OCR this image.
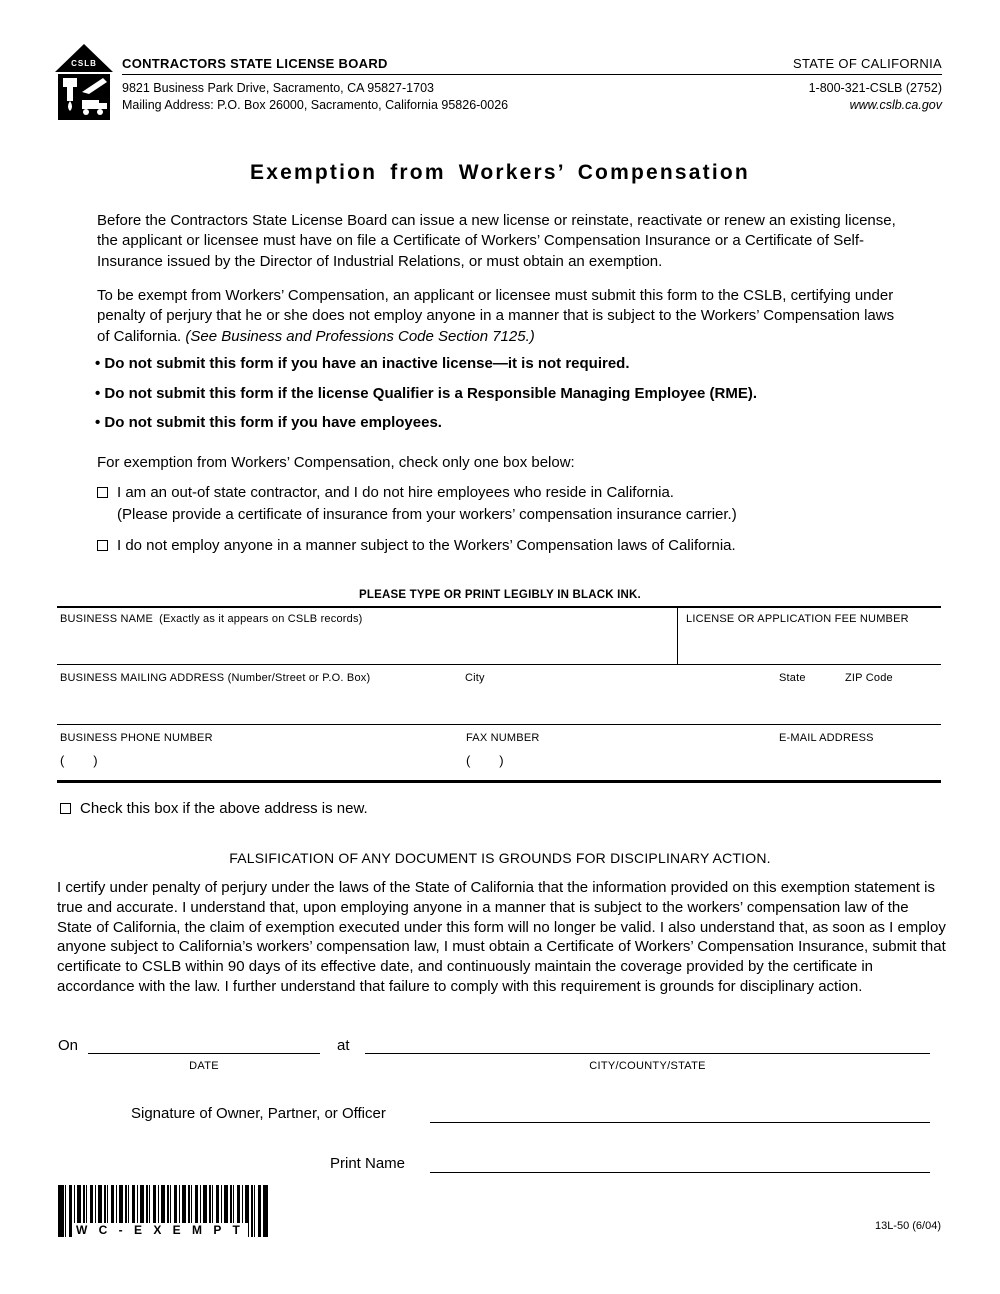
CSLB CONTRACTORS STATE LICENSE BOARD	STATE OF CALIFORNIA
9821 Business Park Drive, Sacramento, CA 95827-1703
Mailing Address: P.O. Box 26000, Sacramento, California 95826-0026
1-800-321-CSLB (2752)
www.cslb.ca.gov
Exemption from Workers’ Compensation
Before the Contractors State License Board can issue a new license or reinstate, reactivate or renew an existing license, the applicant or licensee must have on file a Certificate of Workers’ Compensation Insurance or a Certificate of Self-Insurance issued by the Director of Industrial Relations, or must obtain an exemption.
To be exempt from Workers’ Compensation, an applicant or licensee must submit this form to the CSLB, certifying under penalty of perjury that he or she does not employ anyone in a manner that is subject to the Workers’ Compensation laws of California. (See Business and Professions Code Section 7125.)
• Do not submit this form if you have an inactive license—it is not required.
• Do not submit this form if the license Qualifier is a Responsible Managing Employee (RME).
• Do not submit this form if you have employees.
For exemption from Workers’ Compensation, check only one box below:
I am an out-of state contractor, and I do not hire employees who reside in California.
(Please provide a certificate of insurance from your workers’ compensation insurance carrier.)
I do not employ anyone in a manner subject to the Workers’ Compensation laws of California.
PLEASE TYPE OR PRINT LEGIBLY IN BLACK INK.
BUSINESS NAME (Exactly as it appears on CSLB records)	LICENSE OR APPLICATION FEE NUMBER
BUSINESS MAILING ADDRESS (Number/Street or P.O. Box)	City	State	ZIP Code
BUSINESS PHONE NUMBER	FAX NUMBER	E-MAIL ADDRESS
(        )	(        )
Check this box if the above address is new.
FALSIFICATION OF ANY DOCUMENT IS GROUNDS FOR DISCIPLINARY ACTION.
I certify under penalty of perjury under the laws of the State of California that the information provided on this exemption statement is true and accurate. I understand that, upon employing anyone in a manner that is subject to the workers’ compensation law of the State of California, the claim of exemption executed under this form will no longer be valid. I also understand that, as soon as I employ anyone subject to California’s workers’ compensation law, I must obtain a Certificate of Workers’ Compensation Insurance, submit that certificate to CSLB within 90 days of its effective date, and continuously maintain the coverage provided by the certificate in accordance with the law. I further understand that failure to comply with this requirement is grounds for disciplinary action.
On	at
DATE	CITY/COUNTY/STATE
Signature of Owner, Partner, or Officer
Print Name
W C - E X E M P T	13L-50 (6/04)
